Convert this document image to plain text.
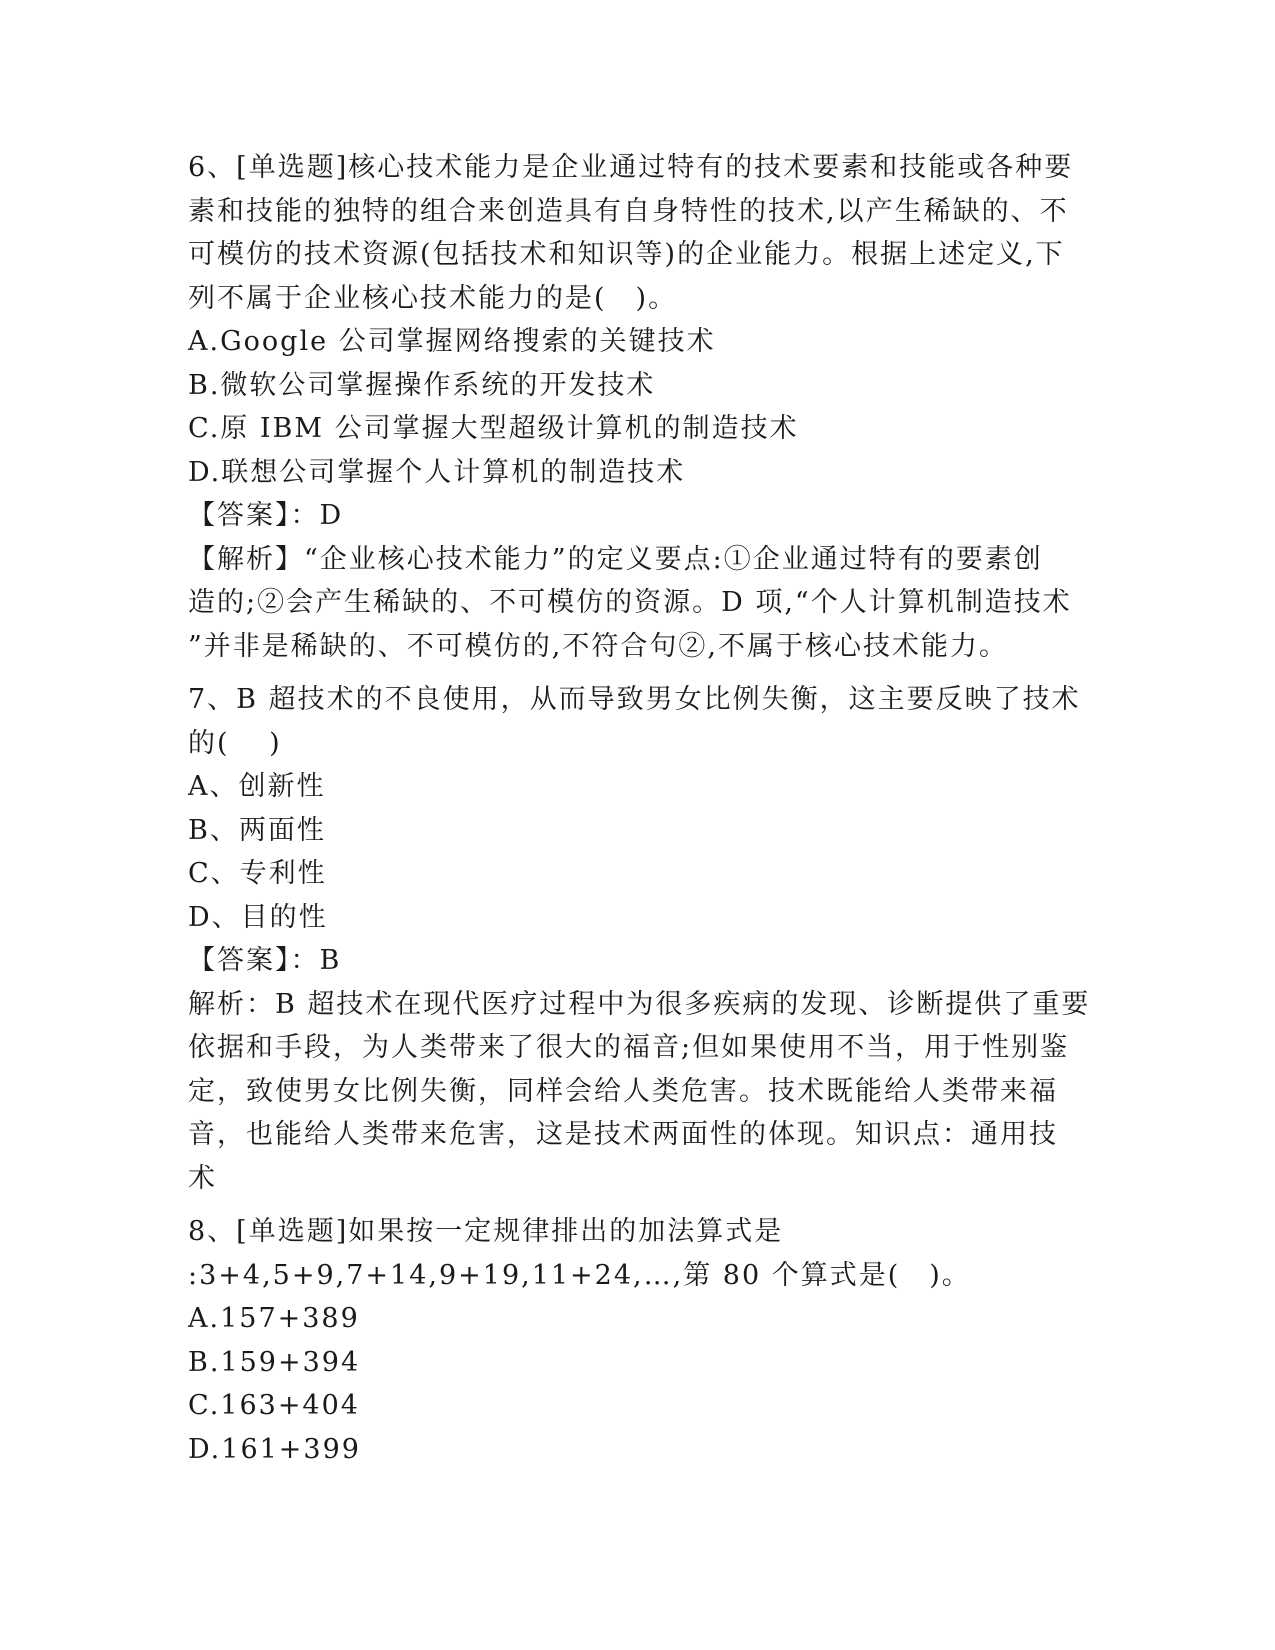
6、[单选题]核心技术能力是企业通过特有的技术要素和技能或各种要
素和技能的独特的组合来创造具有自身特性的技术,以产生稀缺的、不
可模仿的技术资源(包括技术和知识等)的企业能力。根据上述定义,下
列不属于企业核心技术能力的是(　)。
A.Google 公司掌握网络搜索的关键技术
B.微软公司掌握操作系统的开发技术
C.原 IBM 公司掌握大型超级计算机的制造技术
D.联想公司掌握个人计算机的制造技术
【答案】：D
【解析】“企业核心技术能力”的定义要点:①企业通过特有的要素创
造的;②会产生稀缺的、不可模仿的资源。D 项,“个人计算机制造技术
”并非是稀缺的、不可模仿的,不符合句②,不属于核心技术能力。
7、B 超技术的不良使用，从而导致男女比例失衡，这主要反映了技术
的(　 )
A、创新性
B、两面性
C、专利性
D、目的性
【答案】：B
解析：B 超技术在现代医疗过程中为很多疾病的发现、诊断提供了重要
依据和手段，为人类带来了很大的福音;但如果使用不当，用于性别鉴
定，致使男女比例失衡，同样会给人类危害。技术既能给人类带来福
音，也能给人类带来危害，这是技术两面性的体现。知识点：通用技
术
8、[单选题]如果按一定规律排出的加法算式是
:3+4,5+9,7+14,9+19,11+24,…,第 80 个算式是(　)。
A.157+389
B.159+394
C.163+404
D.161+399
